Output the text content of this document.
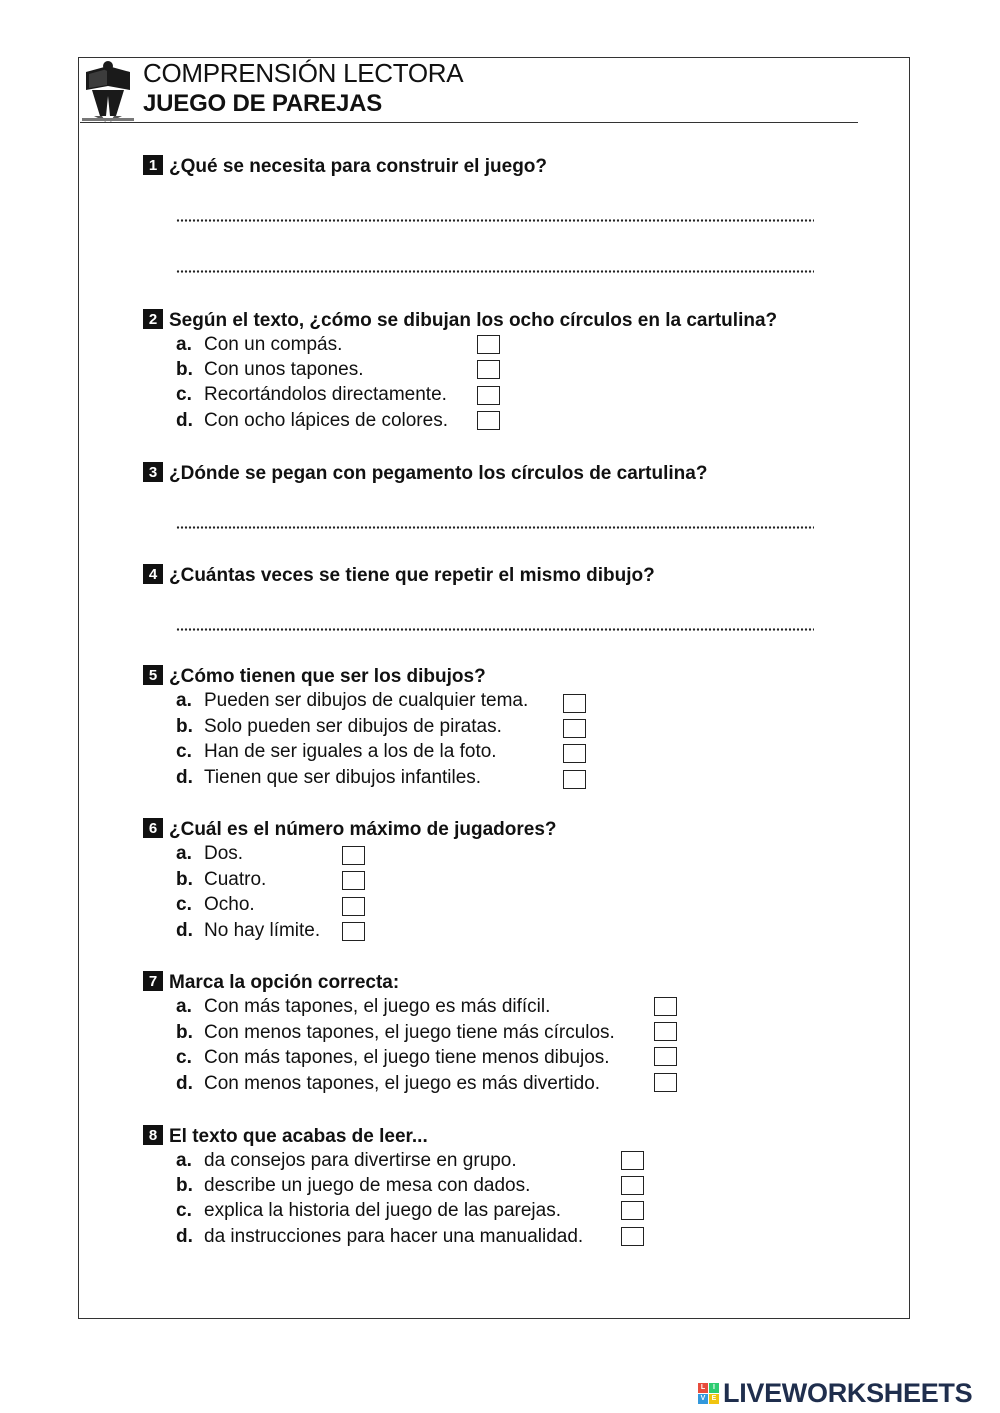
COMPRENSIÓN LECTORA
JUEGO DE PAREJAS
1 ¿Qué se necesita para construir el juego?
2 Según el texto, ¿cómo se dibujan los ocho círculos en la cartulina?
a. Con un compás.
b. Con unos tapones.
c. Recortándolos directamente.
d. Con ocho lápices de colores.
3 ¿Dónde se pegan con pegamento los círculos de cartulina?
4 ¿Cuántas veces se tiene que repetir el mismo dibujo?
5 ¿Cómo tienen que ser los dibujos?
a. Pueden ser dibujos de cualquier tema.
b. Solo pueden ser dibujos de piratas.
c. Han de ser iguales a los de la foto.
d. Tienen que ser dibujos infantiles.
6 ¿Cuál es el número máximo de jugadores?
a. Dos.
b. Cuatro.
c. Ocho.
d. No hay límite.
7 Marca la opción correcta:
a. Con más tapones, el juego es más difícil.
b. Con menos tapones, el juego tiene más círculos.
c. Con más tapones, el juego tiene menos dibujos.
d. Con menos tapones, el juego es más divertido.
8 El texto que acabas de leer...
a. da consejos para divertirse en grupo.
b. describe un juego de mesa con dados.
c. explica la historia del juego de las parejas.
d. da instrucciones para hacer una manualidad.
L	I
V E LIVEWORKSHEETS
